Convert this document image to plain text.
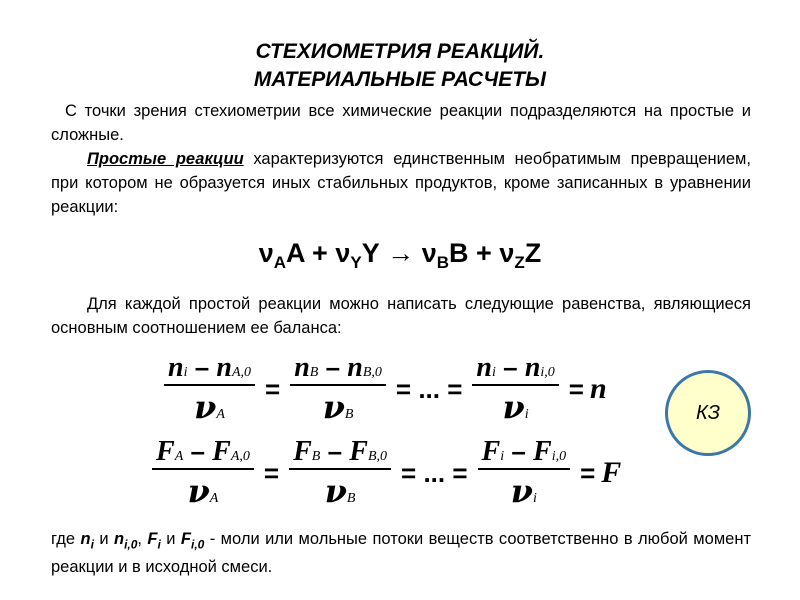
СТЕХИОМЕТРИЯ РЕАКЦИЙ.
МАТЕРИАЛЬНЫЕ РАСЧЕТЫ
С точки зрения стехиометрии все химические реакции подразделяются на простые и сложные.
Простые реакции характеризуются единственным необратимым превращением, при котором не образуется иных стабильных продуктов, кроме записанных в уравнении реакции:
$\nu_AA + \nu_YY \to \nu_BB + \nu_ZZ$
Для каждой простой реакции можно написать следующие равенства, являющиеся основным соотношением ее баланса:
$\frac{ni - nA,0}{\nu A} = \frac{nB - nB,0}{\nu B}$ = ... = $\frac{ni - ni,0}{\nu i} = n$
$\frac{FA - FA,0}{\nu A} = \frac{FB - FB,0}{\nu B}$ = ... = $\frac{Fi - Fi,0}{\nu i} = F$
КЗ
где $n_i$ и $n_{i,0}$, $F_i$ и $F_{i,0}$ - моли или мольные потоки веществ соответственно в любой момент реакции и в исходной смеси.
